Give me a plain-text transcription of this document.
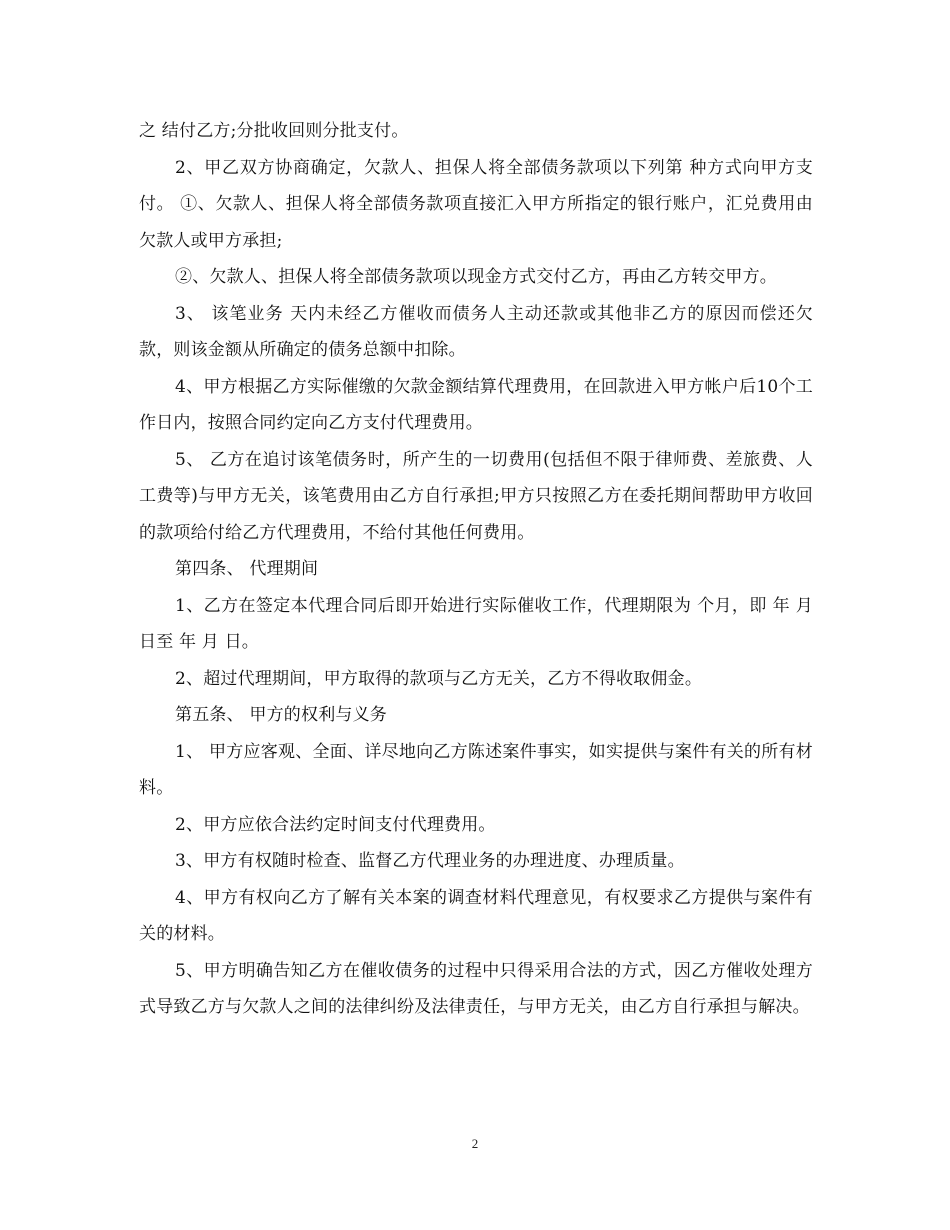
之 结付乙方;分批收回则分批支付。

2、甲乙双方协商确定，欠款人、担保人将全部债务款项以下列第 种方式向甲方支付。 ①、欠款人、担保人将全部债务款项直接汇入甲方所指定的银行账户，汇兑费用由欠款人或甲方承担;

②、欠款人、担保人将全部债务款项以现金方式交付乙方，再由乙方转交甲方。

3、 该笔业务 天内未经乙方催收而债务人主动还款或其他非乙方的原因而偿还欠款，则该金额从所确定的债务总额中扣除。

4、甲方根据乙方实际催缴的欠款金额结算代理费用，在回款进入甲方帐户后10个工作日内，按照合同约定向乙方支付代理费用。

5、 乙方在追讨该笔债务时，所产生的一切费用(包括但不限于律师费、差旅费、人工费等)与甲方无关，该笔费用由乙方自行承担;甲方只按照乙方在委托期间帮助甲方收回的款项给付给乙方代理费用，不给付其他任何费用。

第四条、 代理期间

1、乙方在签定本代理合同后即开始进行实际催收工作，代理期限为 个月，即 年 月 日至 年 月 日。

2、超过代理期间，甲方取得的款项与乙方无关，乙方不得收取佣金。

第五条、 甲方的权利与义务

1、 甲方应客观、全面、详尽地向乙方陈述案件事实，如实提供与案件有关的所有材料。

2、甲方应依合法约定时间支付代理费用。

3、甲方有权随时检查、监督乙方代理业务的办理进度、办理质量。

4、甲方有权向乙方了解有关本案的调查材料代理意见，有权要求乙方提供与案件有关的材料。

5、甲方明确告知乙方在催收债务的过程中只得采用合法的方式，因乙方催收处理方式导致乙方与欠款人之间的法律纠纷及法律责任，与甲方无关，由乙方自行承担与解决。

2
